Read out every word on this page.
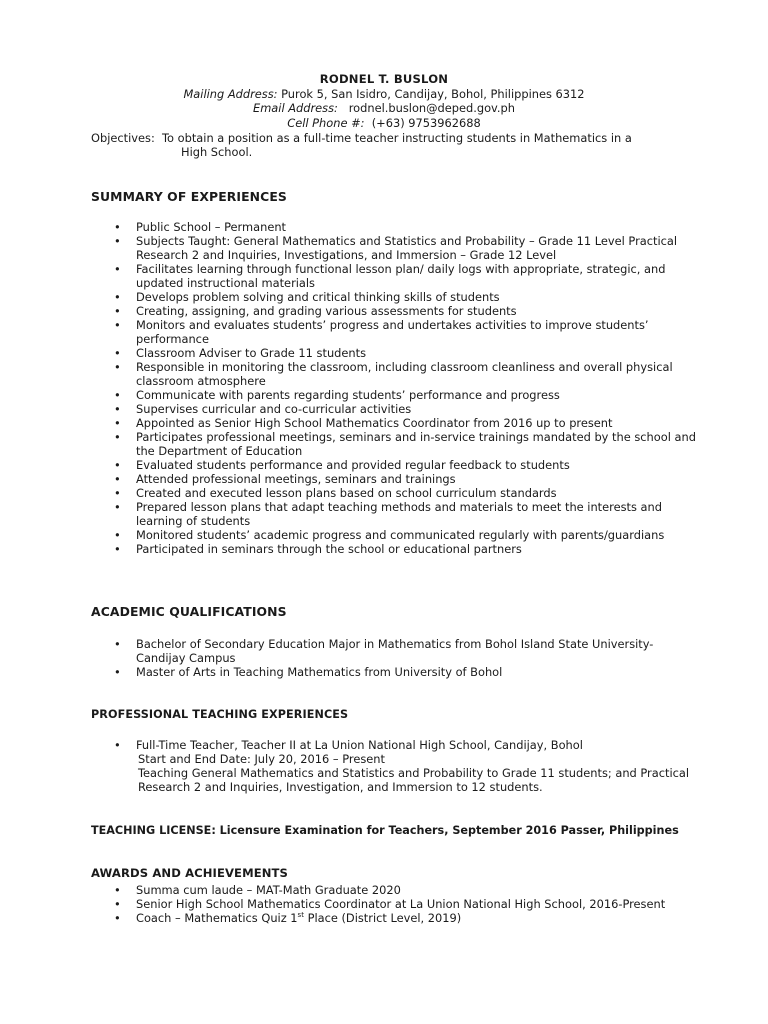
RODNEL T. BUSLON
Mailing Address: Purok 5, San Isidro, Candijay, Bohol, Philippines 6312
Email Address:   rodnel.buslon@deped.gov.ph
Cell Phone #:  (+63) 9753962688
Objectives:  To obtain a position as a full-time teacher instructing students in Mathematics in a
High School.
SUMMARY OF EXPERIENCES
• Public School – Permanent
• Subjects Taught: General Mathematics and Statistics and Probability – Grade 11 Level Practical Research 2 and Inquiries, Investigations, and Immersion – Grade 12 Level
• Facilitates learning through functional lesson plan/ daily logs with appropriate, strategic, and updated instructional materials
• Develops problem solving and critical thinking skills of students
• Creating, assigning, and grading various assessments for students
• Monitors and evaluates students’ progress and undertakes activities to improve students’ performance
• Classroom Adviser to Grade 11 students
• Responsible in monitoring the classroom, including classroom cleanliness and overall physical classroom atmosphere
• Communicate with parents regarding students’ performance and progress
• Supervises curricular and co-curricular activities
• Appointed as Senior High School Mathematics Coordinator from 2016 up to present
• Participates professional meetings, seminars and in-service trainings mandated by the school and the Department of Education
• Evaluated students performance and provided regular feedback to students
• Attended professional meetings, seminars and trainings
• Created and executed lesson plans based on school curriculum standards
• Prepared lesson plans that adapt teaching methods and materials to meet the interests and learning of students
• Monitored students’ academic progress and communicated regularly with parents/guardians
• Participated in seminars through the school or educational partners
ACADEMIC QUALIFICATIONS
• Bachelor of Secondary Education Major in Mathematics from Bohol Island State University-Candijay Campus
• Master of Arts in Teaching Mathematics from University of Bohol
PROFESSIONAL TEACHING EXPERIENCES
• Full-Time Teacher, Teacher II at La Union National High School, Candijay, Bohol
Start and End Date: July 20, 2016 – Present
Teaching General Mathematics and Statistics and Probability to Grade 11 students; and Practical Research 2 and Inquiries, Investigation, and Immersion to 12 students.
TEACHING LICENSE: Licensure Examination for Teachers, September 2016 Passer, Philippines
AWARDS AND ACHIEVEMENTS
• Summa cum laude – MAT-Math Graduate 2020
• Senior High School Mathematics Coordinator at La Union National High School, 2016-Present
• Coach – Mathematics Quiz 1st Place (District Level, 2019)
